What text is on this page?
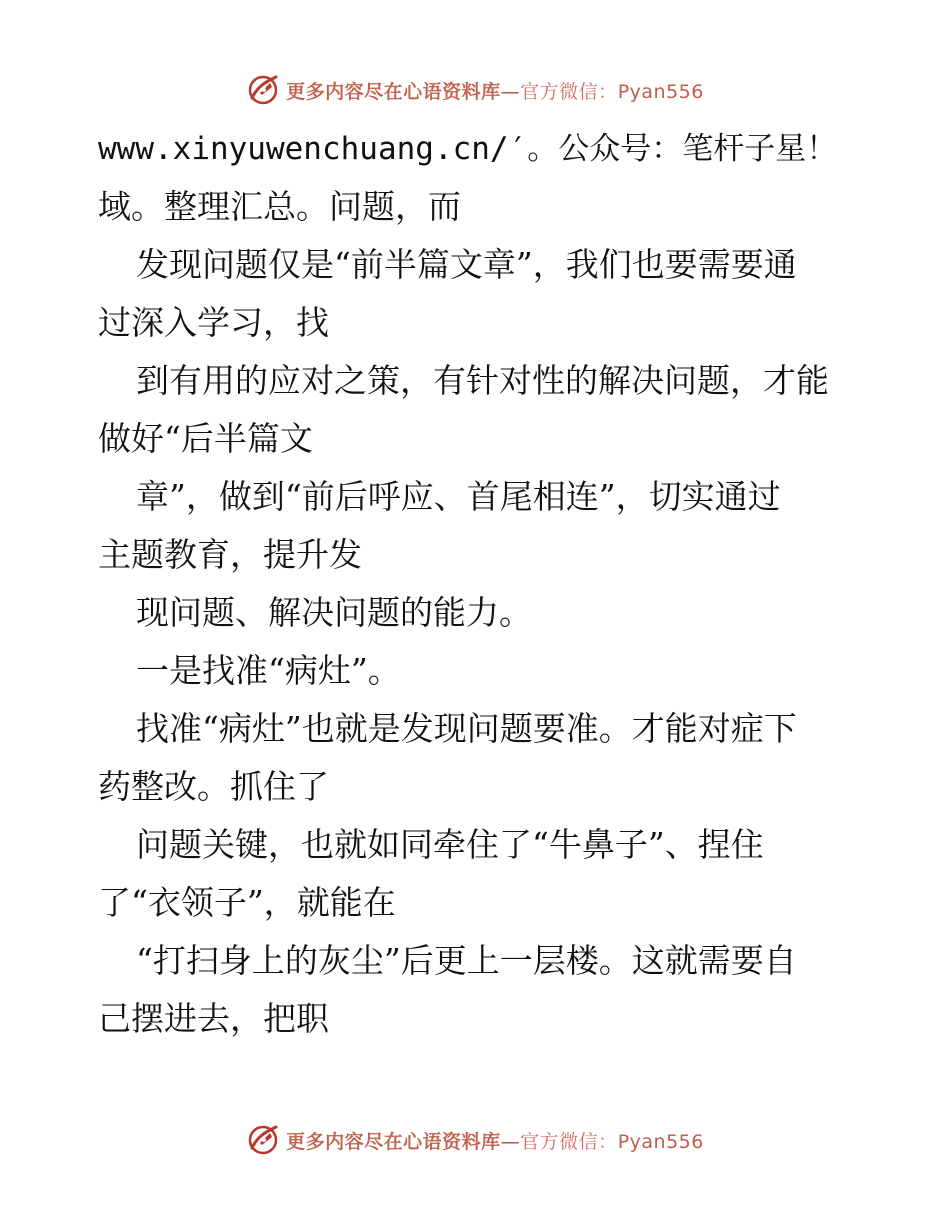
更多内容尽在心语资料库—官方微信：Pyan556
www.xinyuwenchuang.cn/′。公众号：笔杆子星！
域。整理汇总。问题，而
发现问题仅是“前半篇文章”，我们也要需要通
过深入学习，找
到有用的应对之策，有针对性的解决问题，才能
做好“后半篇文
章”，做到“前后呼应、首尾相连”，切实通过
主题教育，提升发
现问题、解决问题的能力。
一是找准“病灶”。
找准“病灶”也就是发现问题要准。才能对症下
药整改。抓住了
问题关键，也就如同牵住了“牛鼻子”、捏住
了“衣领子”，就能在
“打扫身上的灰尘”后更上一层楼。这就需要自
己摆进去，把职
更多内容尽在心语资料库—官方微信：Pyan556
